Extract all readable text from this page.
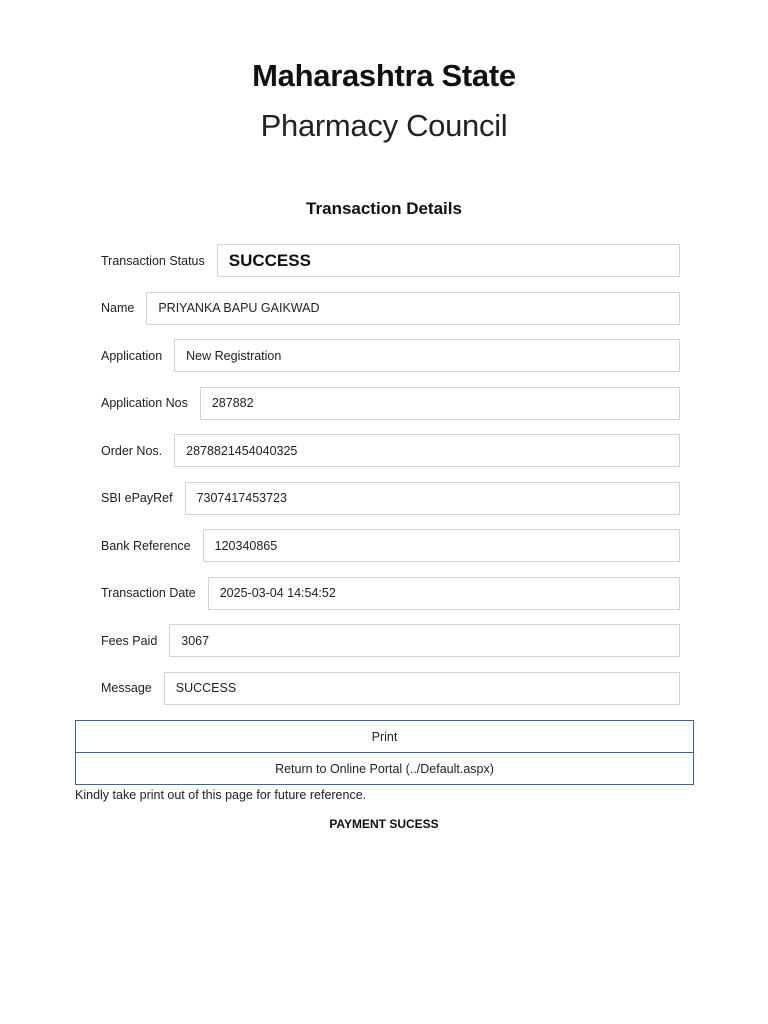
Maharashtra State
Pharmacy Council
Transaction Details
Transaction Status	SUCCESS
Name	PRIYANKA BAPU GAIKWAD
Application	New Registration
Application Nos	287882
Order Nos.	2878821454040325
SBI ePayRef	7307417453723
Bank Reference	120340865
Transaction Date	2025-03-04 14:54:52
Fees Paid	3067
Message	SUCCESS
Print
Return to Online Portal (../Default.aspx)
Kindly take print out of this page for future reference.
PAYMENT SUCESS
